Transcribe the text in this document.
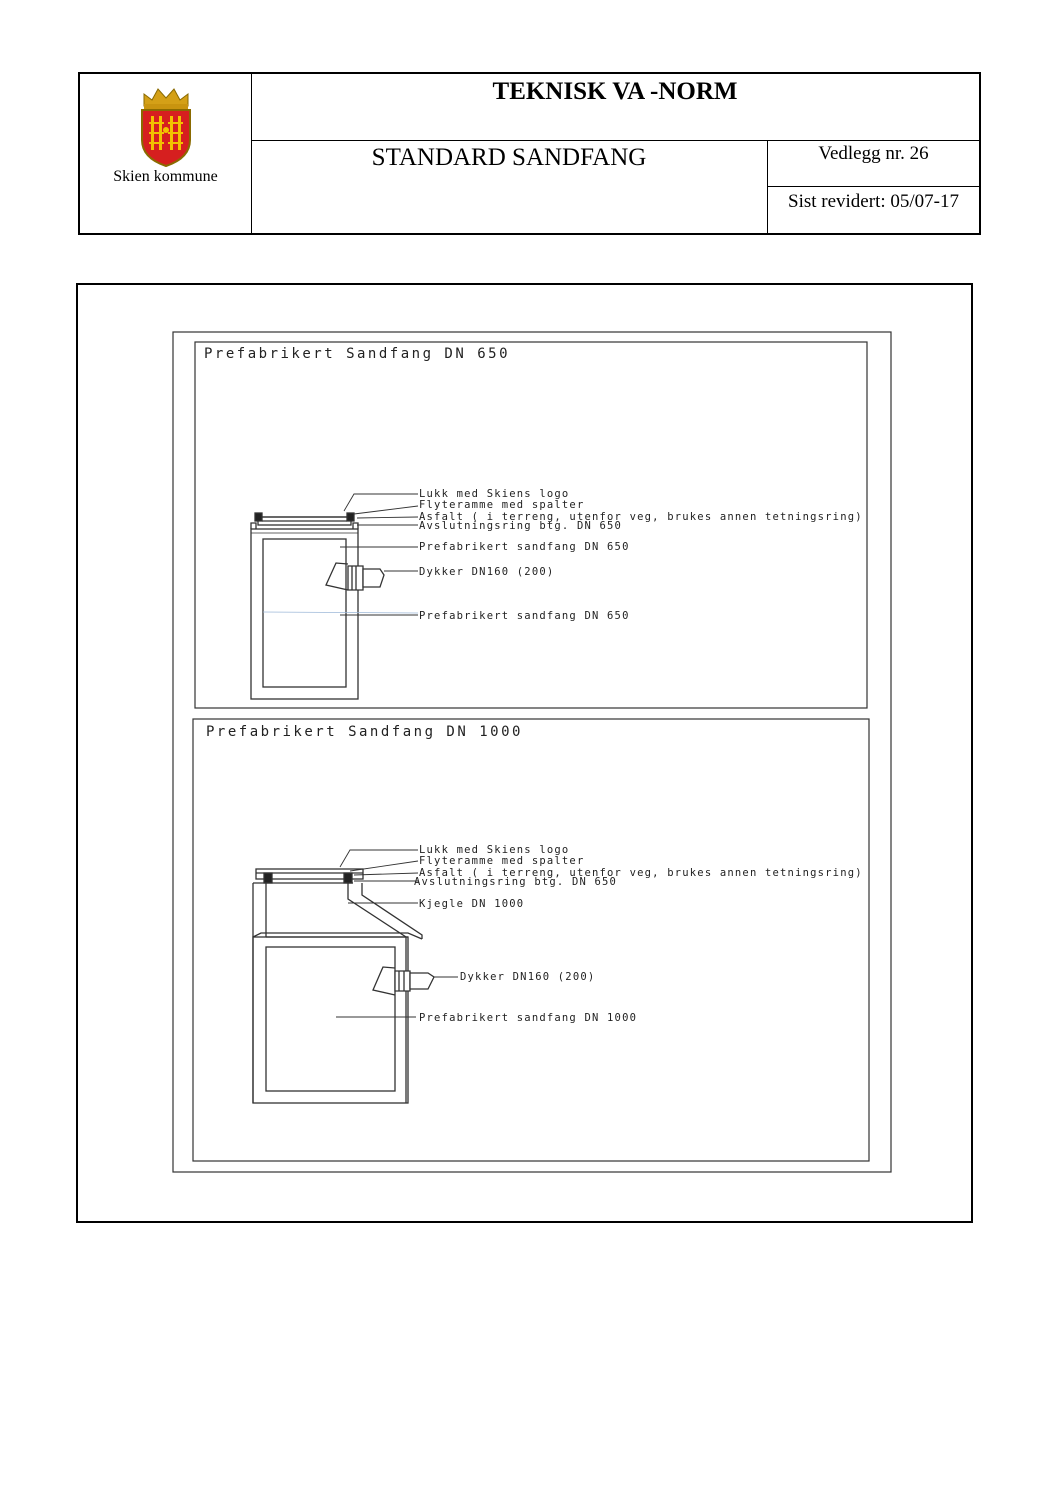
Skien kommune
TEKNISK VA -NORM
STANDARD SANDFANG	Vedlegg nr. 26
Sist revidert: 05/07-17
Prefabrikert Sandfang DN 650
Lukk med Skiens logo
Flyteramme med spalter
Asfalt ( i terreng, utenfor veg, brukes annen tetningsring)
Avslutningsring btg. DN 650
Prefabrikert sandfang DN 650
Dykker DN160 (200)
Prefabrikert sandfang DN 650
Prefabrikert Sandfang DN 1000
Lukk med Skiens logo
Flyteramme med spalter
Asfalt ( i terreng, utenfor veg, brukes annen tetningsring)
Avslutningsring btg. DN 650
Kjegle DN 1000
Dykker DN160 (200)
Prefabrikert sandfang DN 1000
